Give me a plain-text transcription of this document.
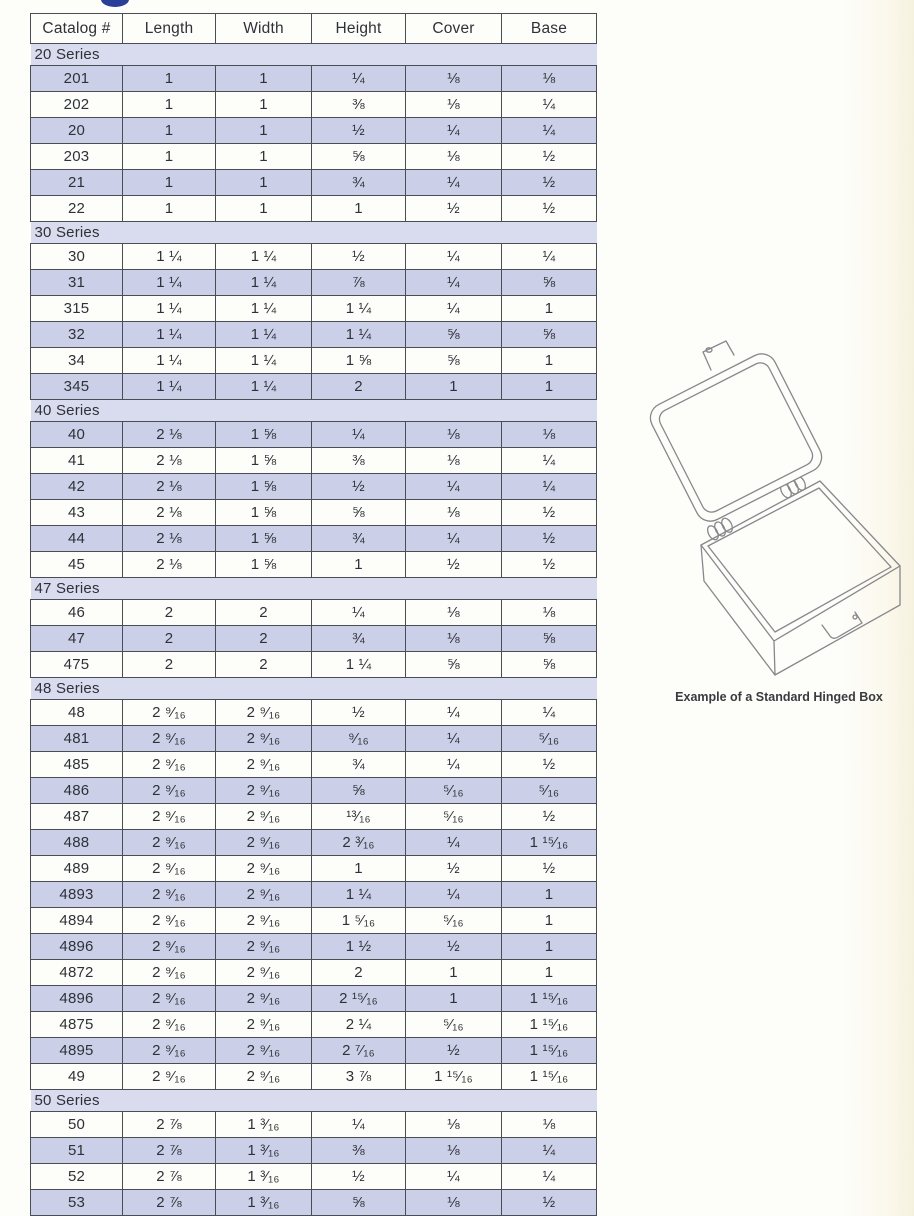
Catalog #	Length	Width	Height	Cover	Base
20 Series					
201	1	1	¼	⅛	⅛
202	1	1	⅜	⅛	¼
20	1	1	½	¼	¼
203	1	1	⅝	⅛	½
21	1	1	¾	¼	½
22	1	1	1	½	½
30 Series					
30	1 ¼	1 ¼	½	¼	¼
31	1 ¼	1 ¼	⅞	¼	⅝
315	1 ¼	1 ¼	1 ¼	¼	1
32	1 ¼	1 ¼	1 ¼	⅝	⅝
34	1 ¼	1 ¼	1 ⅝	⅝	1
345	1 ¼	1 ¼	2	1	1
40 Series					
40	2 ⅛	1 ⅝	¼	⅛	⅛
41	2 ⅛	1 ⅝	⅜	⅛	¼
42	2 ⅛	1 ⅝	½	¼	¼
43	2 ⅛	1 ⅝	⅝	⅛	½
44	2 ⅛	1 ⅝	¾	¼	½
45	2 ⅛	1 ⅝	1	½	½
47 Series					
46	2	2	¼	⅛	⅛
47	2	2	¾	⅛	⅝
475	2	2	1 ¼	⅝	⅝
48 Series					
48	2 ⁹⁄₁₆	2 ⁹⁄₁₆	½	¼	¼
481	2 ⁹⁄₁₆	2 ⁹⁄₁₆	⁹⁄₁₆	¼	⁵⁄₁₆
485	2 ⁹⁄₁₆	2 ⁹⁄₁₆	¾	¼	½
486	2 ⁹⁄₁₆	2 ⁹⁄₁₆	⅝	⁵⁄₁₆	⁵⁄₁₆
487	2 ⁹⁄₁₆	2 ⁹⁄₁₆	¹³⁄₁₆	⁵⁄₁₆	½
488	2 ⁹⁄₁₆	2 ⁹⁄₁₆	2 ³⁄₁₆	¼	1 ¹⁵⁄₁₆
489	2 ⁹⁄₁₆	2 ⁹⁄₁₆	1	½	½
4893	2 ⁹⁄₁₆	2 ⁹⁄₁₆	1 ¼	¼	1
4894	2 ⁹⁄₁₆	2 ⁹⁄₁₆	1 ⁵⁄₁₆	⁵⁄₁₆	1
4896	2 ⁹⁄₁₆	2 ⁹⁄₁₆	1 ½	½	1
4872	2 ⁹⁄₁₆	2 ⁹⁄₁₆	2	1	1
4896	2 ⁹⁄₁₆	2 ⁹⁄₁₆	2 ¹⁵⁄₁₆	1	1 ¹⁵⁄₁₆
4875	2 ⁹⁄₁₆	2 ⁹⁄₁₆	2 ¼	⁵⁄₁₆	1 ¹⁵⁄₁₆
4895	2 ⁹⁄₁₆	2 ⁹⁄₁₆	2 ⁷⁄₁₆	½	1 ¹⁵⁄₁₆
49	2 ⁹⁄₁₆	2 ⁹⁄₁₆	3 ⅞	1 ¹⁵⁄₁₆	1 ¹⁵⁄₁₆
50 Series					
50	2 ⅞	1 ³⁄₁₆	¼	⅛	⅛
51	2 ⅞	1 ³⁄₁₆	⅜	⅛	¼
52	2 ⅞	1 ³⁄₁₆	½	¼	¼
53	2 ⅞	1 ³⁄₁₆	⅝	⅛	½
Example of a Standard Hinged Box
